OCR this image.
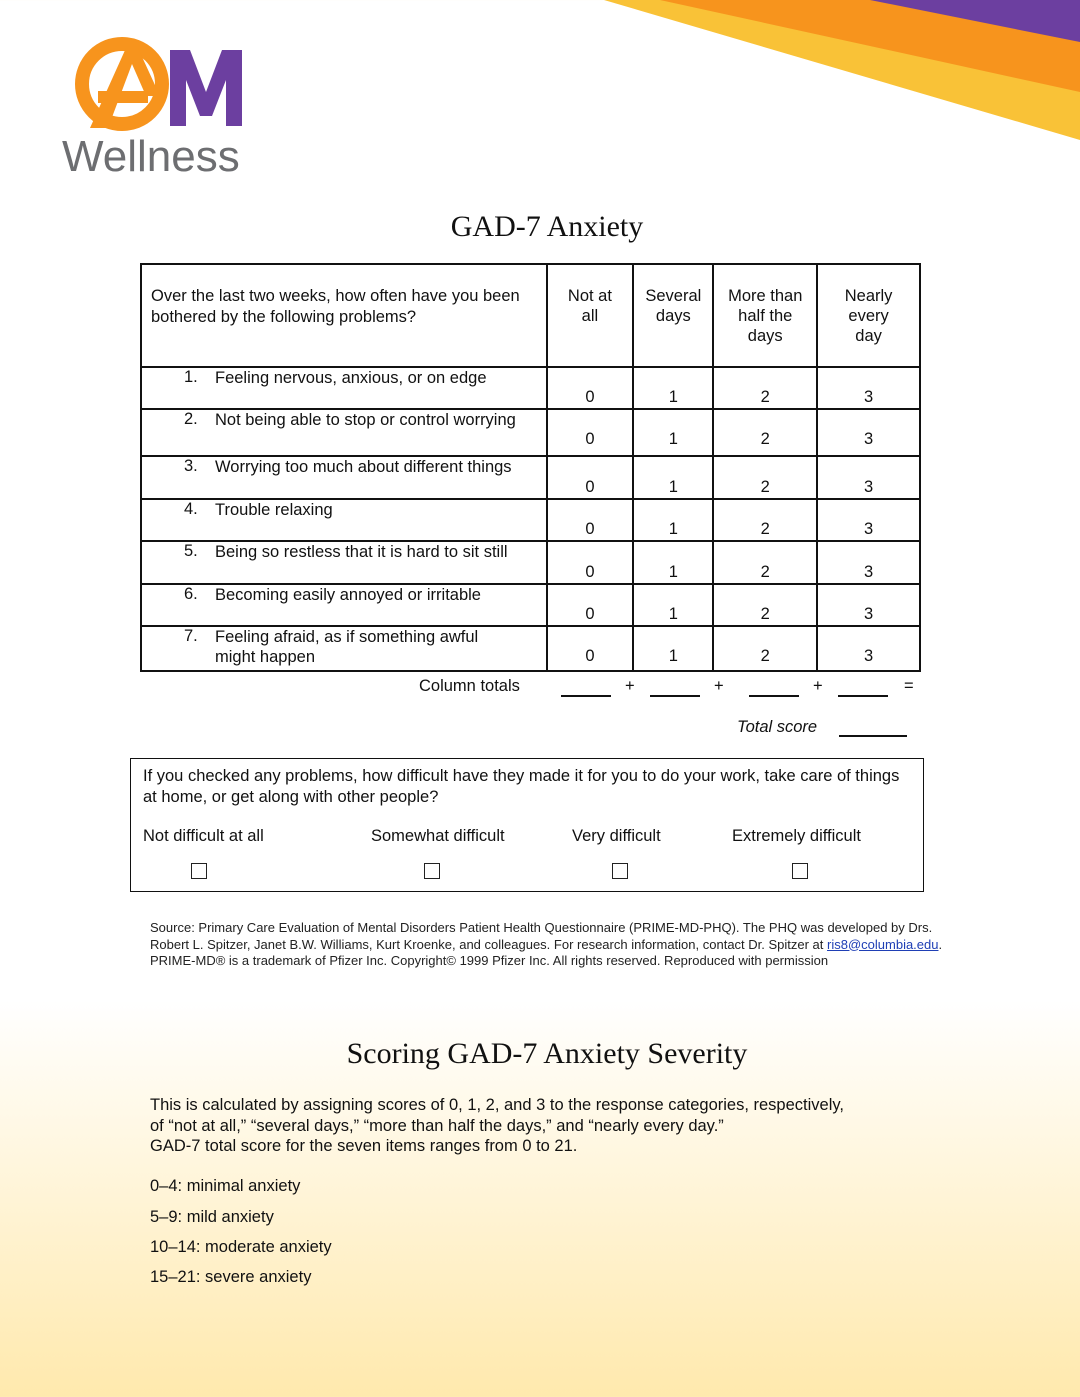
Wellness
GAD-7 Anxiety
Over the last two weeks, how often have you been bothered by the following problems?	Not at all	Several days	More than half the days	Nearly every day

1. Feeling nervous, anxious, or on edge	0	1	2	3

2. Not being able to stop or control worrying	0	1	2	3

3. Worrying too much about different things	0	1	2	3

4. Trouble relaxing	0	1	2	3

5. Being so restless that it is hard to sit still	0	1	2	3

6. Becoming easily annoyed or irritable	0	1	2	3

7. Feeling afraid, as if something awful might happen	0	1	2	3
Column totals	+	+	+	=
Total score
If you checked any problems, how difficult have they made it for you to do your work, take care of things at home, or get along with other people?
Not difficult at all	Somewhat difficult	Very difficult	Extremely difficult
Source: Primary Care Evaluation of Mental Disorders Patient Health Questionnaire (PRIME-MD-PHQ). The PHQ was developed by Drs. Robert L. Spitzer, Janet B.W. Williams, Kurt Kroenke, and colleagues. For research information, contact Dr. Spitzer at ris8@columbia.edu. PRIME-MD® is a trademark of Pfizer Inc. Copyright© 1999 Pfizer Inc. All rights reserved. Reproduced with permission
Scoring GAD-7 Anxiety Severity
This is calculated by assigning scores of 0, 1, 2, and 3 to the response categories, respectively,
of “not at all,” “several days,” “more than half the days,” and “nearly every day.”
GAD-7 total score for the seven items ranges from 0 to 21.
0–4: minimal anxiety
5–9: mild anxiety
10–14: moderate anxiety
15–21: severe anxiety
